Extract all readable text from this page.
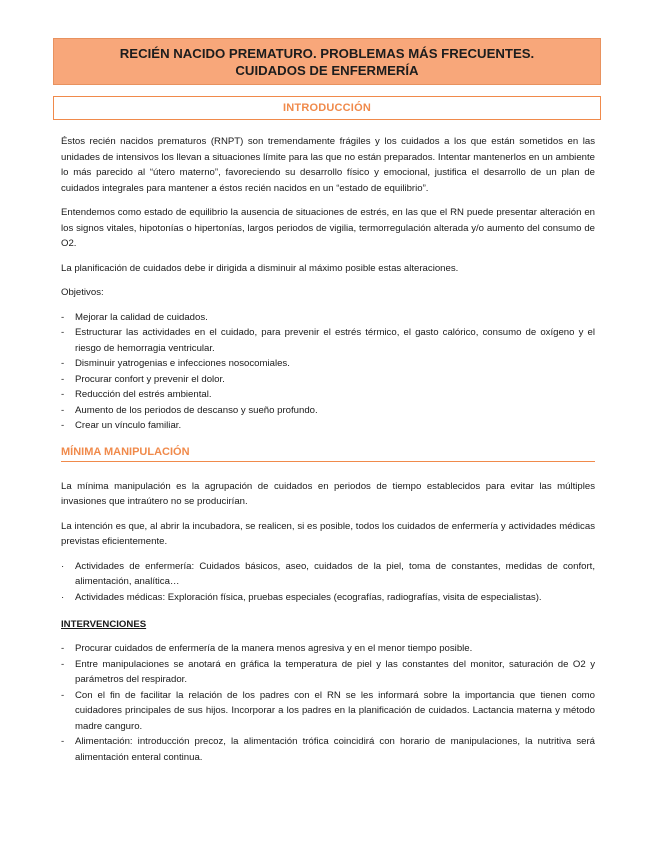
RECIÉN NACIDO PREMATURO. PROBLEMAS MÁS FRECUENTES. CUIDADOS DE ENFERMERÍA
INTRODUCCIÓN

Éstos recién nacidos prematuros (RNPT) son tremendamente frágiles y los cuidados a los que están sometidos en las unidades de intensivos los llevan a situaciones límite para las que no están preparados. Intentar mantenerlos en un ambiente lo más parecido al “útero materno”, favoreciendo su desarrollo físico y emocional, justifica el desarrollo de un plan de cuidados integrales para mantener a éstos recién nacidos en un “estado de equilibrio”.

Entendemos como estado de equilibrio la ausencia de situaciones de estrés, en las que el RN puede presentar alteración en los signos vitales, hipotonías o hipertonías, largos periodos de vigilia, termorregulación alterada y/o aumento del consumo de O2.

La planificación de cuidados debe ir dirigida a disminuir al máximo posible estas alteraciones.

Objetivos:

- Mejorar la calidad de cuidados.
- Estructurar las actividades en el cuidado, para prevenir el estrés térmico, el gasto calórico, consumo de oxígeno y el riesgo de hemorragia ventricular.
- Disminuir yatrogenias e infecciones nosocomiales.
- Procurar confort y prevenir el dolor.
- Reducción del estrés ambiental.
- Aumento de los periodos de descanso y sueño profundo.
- Crear un vínculo familiar.
MÍNIMA MANIPULACIÓN

La mínima manipulación es la agrupación de cuidados en periodos de tiempo establecidos para evitar las múltiples invasiones que intraútero no se producirían.

La intención es que, al abrir la incubadora, se realicen, si es posible, todos los cuidados de enfermería y actividades médicas previstas eficientemente.

· Actividades de enfermería: Cuidados básicos, aseo, cuidados de la piel, toma de constantes, medidas de confort, alimentación, analítica…
· Actividades médicas: Exploración física, pruebas especiales (ecografías, radiografías, visita de especialistas).
INTERVENCIONES
- Procurar cuidados de enfermería de la manera menos agresiva y en el menor tiempo posible.
- Entre manipulaciones se anotará en gráfica la temperatura de piel y las constantes del monitor, saturación de O2 y parámetros del respirador.
- Con el fin de facilitar la relación de los padres con el RN se les informará sobre la importancia que tienen como cuidadores principales de sus hijos. Incorporar a los padres en la planificación de cuidados. Lactancia materna y método madre canguro.
- Alimentación: introducción precoz, la alimentación trófica coincidirá con horario de manipulaciones, la nutritiva será alimentación enteral continua.
